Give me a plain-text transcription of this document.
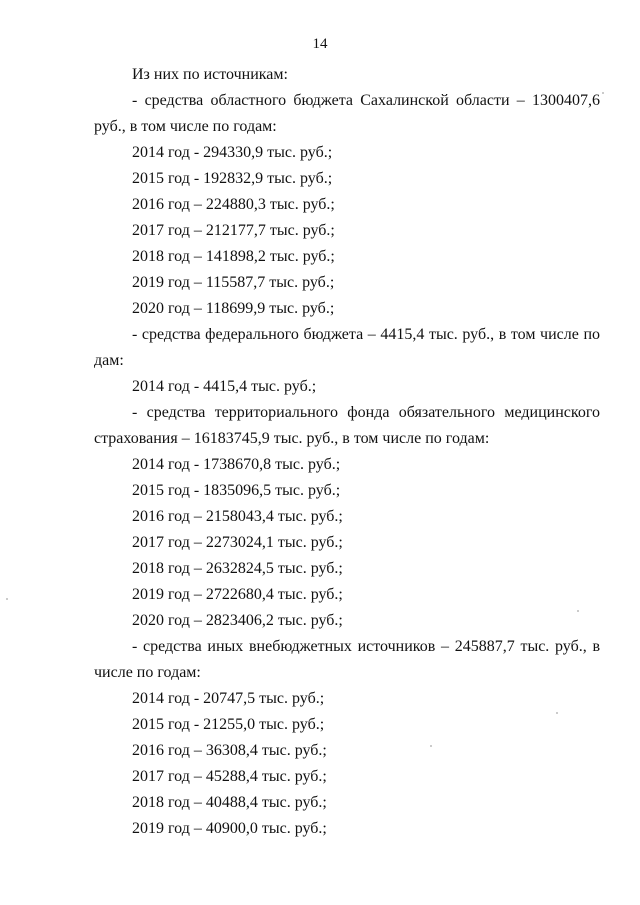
14
Из них по источникам:
- средства областного бюджета Сахалинской области – 1300407,6
руб., в том числе по годам:
2014 год - 294330,9 тыс. руб.;
2015 год - 192832,9 тыс. руб.;
2016 год – 224880,3 тыс. руб.;
2017 год – 212177,7 тыс. руб.;
2018 год – 141898,2 тыс. руб.;
2019 год – 115587,7 тыс. руб.;
2020 год – 118699,9 тыс. руб.;
- средства федерального бюджета – 4415,4 тыс. руб., в том числе по
дам:
2014 год - 4415,4 тыс. руб.;
- средства территориального фонда обязательного медицинского
страхования – 16183745,9 тыс. руб., в том числе по годам:
2014 год - 1738670,8 тыс. руб.;
2015 год - 1835096,5 тыс. руб.;
2016 год – 2158043,4 тыс. руб.;
2017 год – 2273024,1 тыс. руб.;
2018 год – 2632824,5 тыс. руб.;
2019 год – 2722680,4 тыс. руб.;
2020 год – 2823406,2 тыс. руб.;
- средства иных внебюджетных источников – 245887,7 тыс. руб., в
числе по годам:
2014 год - 20747,5 тыс. руб.;
2015 год - 21255,0 тыс. руб.;
2016 год – 36308,4 тыс. руб.;
2017 год – 45288,4 тыс. руб.;
2018 год – 40488,4 тыс. руб.;
2019 год – 40900,0 тыс. руб.;
